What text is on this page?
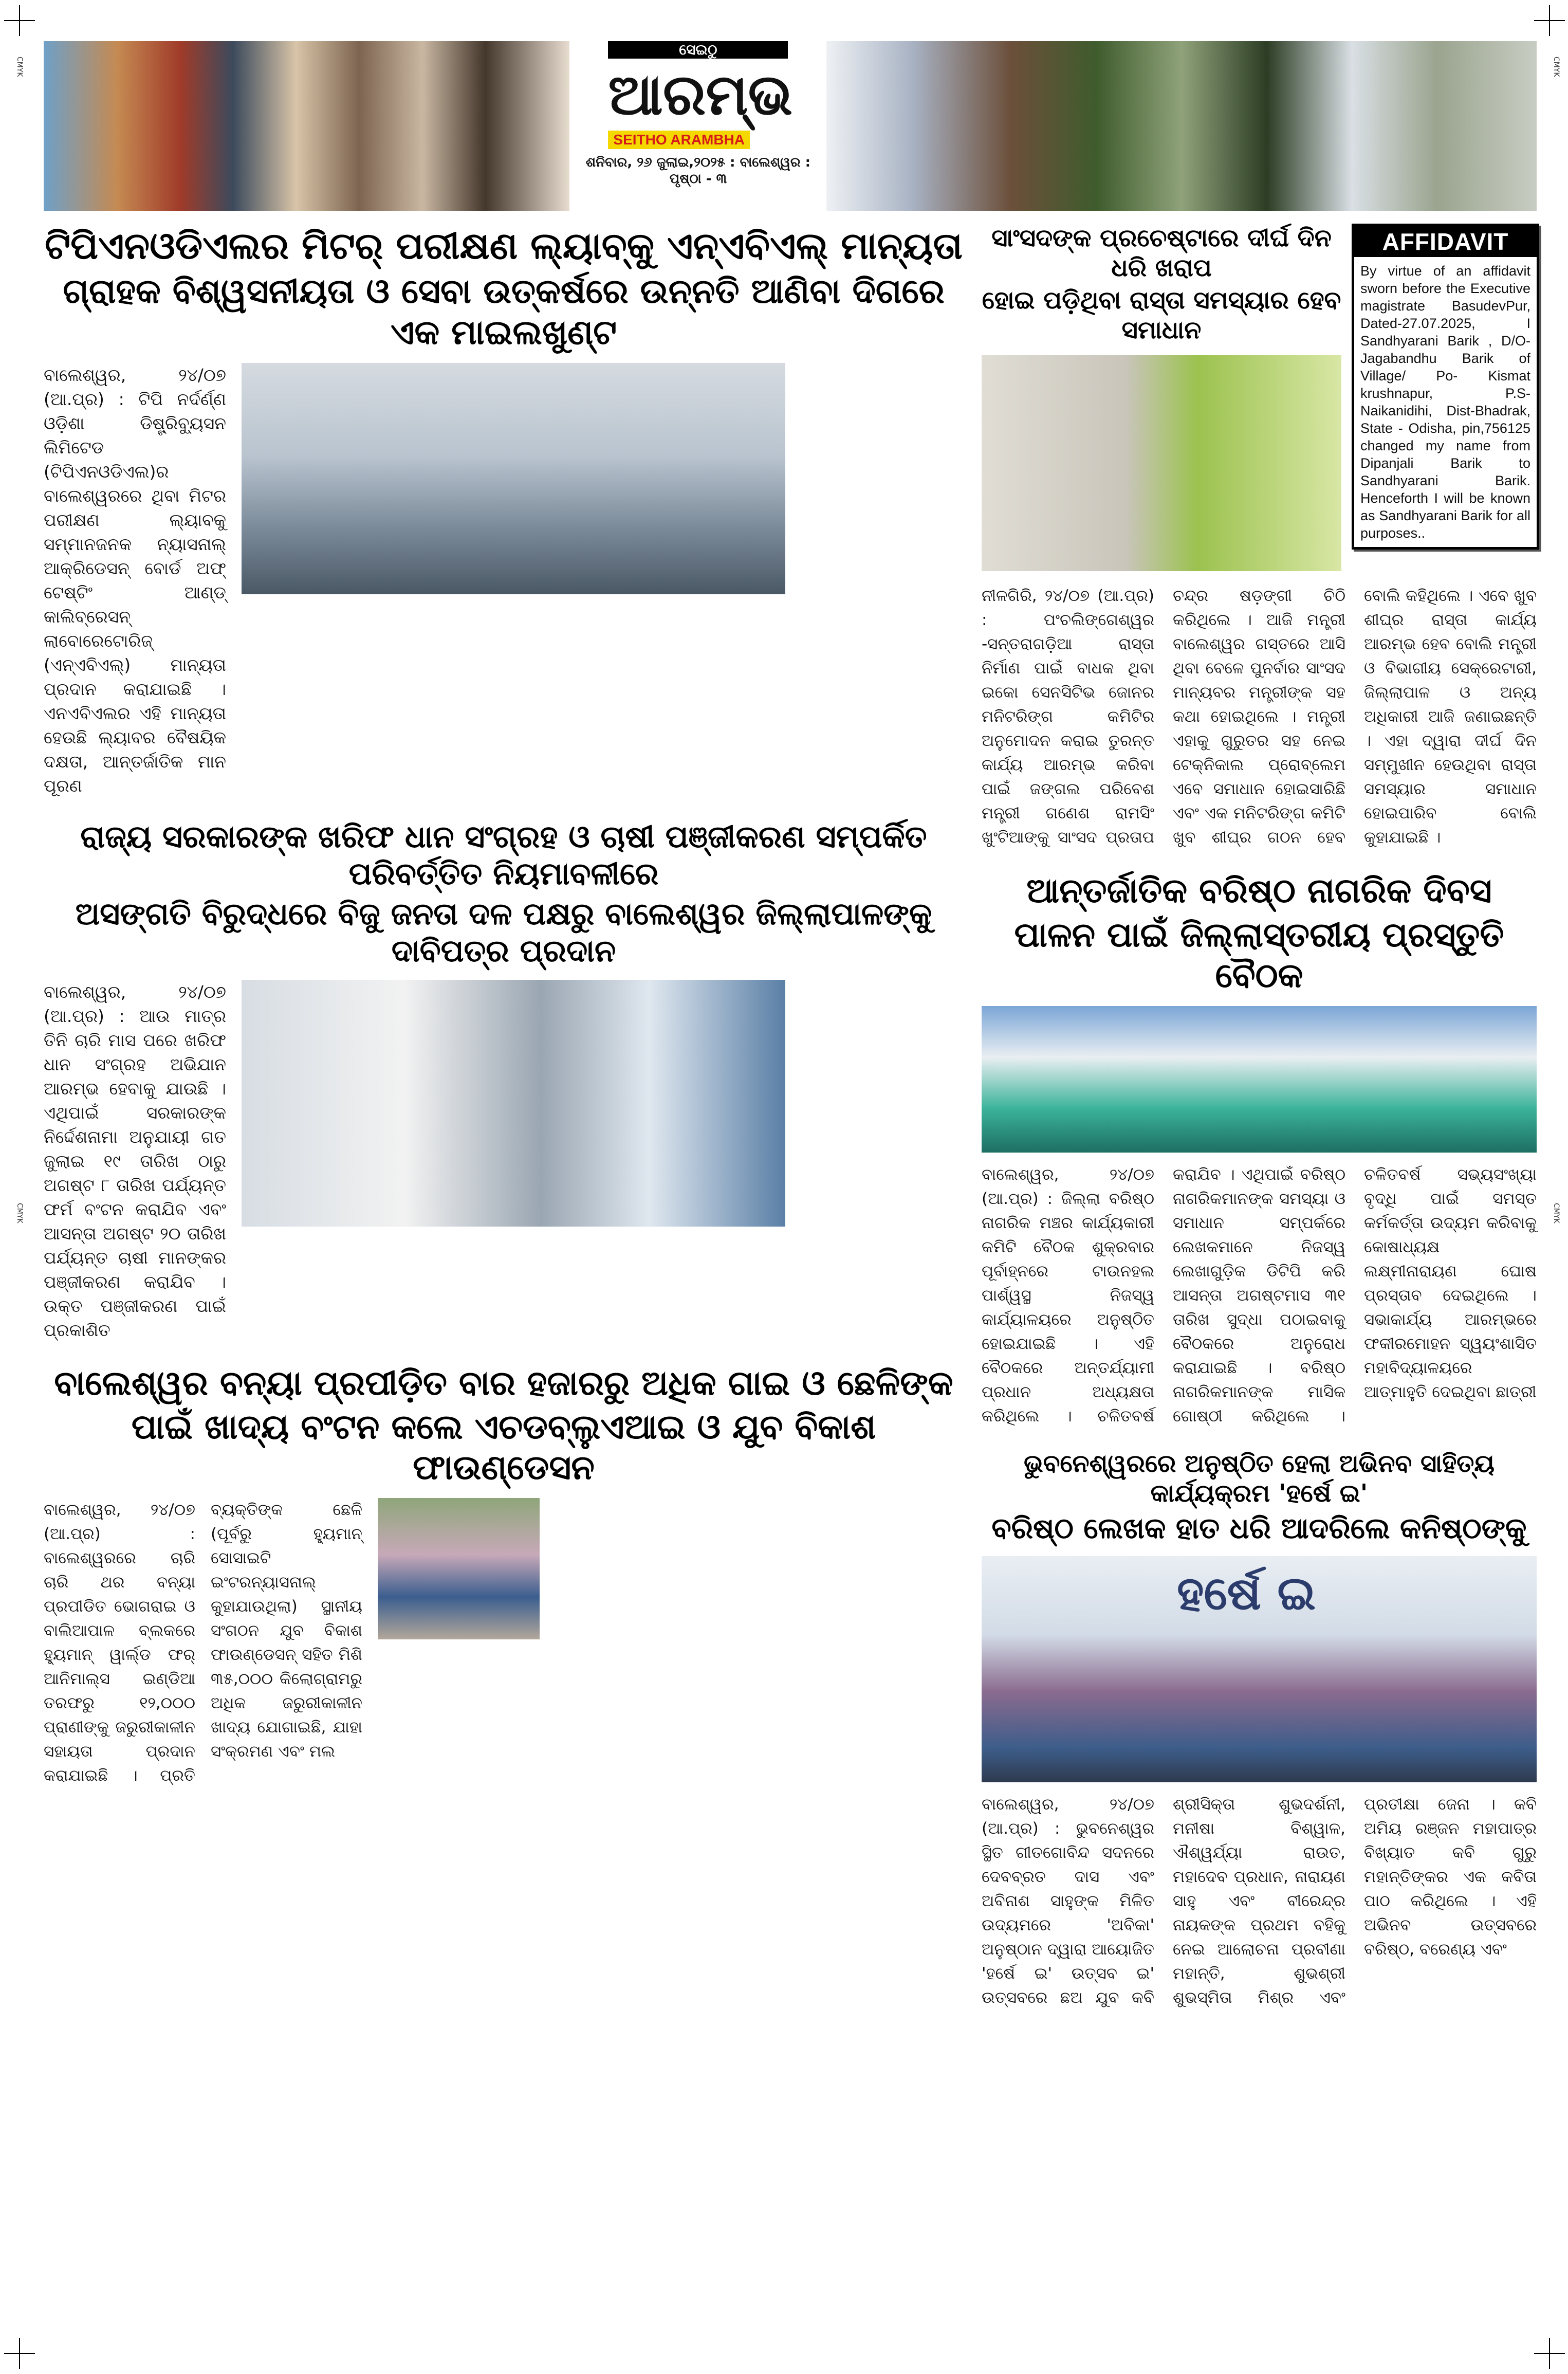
CMYK	CMYK
CMYK	CMYK
ସେଇଠୁ
ଆରମ୍ଭ
SEITHO ARAMBHA
ଶନିବାର, ୨୬ ଜୁଲାଇ,୨୦୨୫ : ବାଲେଶ୍ୱର : ପୃଷ୍ଠା - ୩
ଟିପିଏନଓଡିଏଲର ମିଟର୍ ପରୀକ୍ଷଣ ଲ୍ୟାବ୍‌କୁ ଏନ୍‌ଏବିଏଲ୍ ମାନ୍ୟତା
ଗ୍ରାହକ ବିଶ୍ୱସନୀୟତା ଓ ସେବା ଉତ୍କର୍ଷରେ ଉନ୍ନତି ଆଣିବା ଦିଗରେ ଏକ ମାଇଲଖୁଣ୍ଟ
ବାଲେଶ୍ୱର, ୨୪/୦୭ (ଆ.ପ୍ର) : ଟିପି ନର୍ଦର୍ଣ୍ଣ ଓଡ଼ିଶା ଡିଷ୍ଟ୍ରିବ୍ୟୁସନ ଲିମିଟେଡ (ଟିପିଏନଓଡିଏଲ)ର ବାଲେଶ୍ୱରରେ ଥିବା ମିଟର ପରୀକ୍ଷଣ ଲ୍ୟାବକୁ ସମ୍ମାନଜନକ ନ୍ୟାସନାଲ୍ ଆକ୍ରିଡେସନ୍ ବୋର୍ଡ ଅଫ୍ ଟେଷ୍ଟିଂ ଆଣ୍ଡ୍ କାଲିବ୍ରେସନ୍ ଲାବୋରେଟୋରିଜ୍ (ଏନ୍‌ଏବିଏଲ୍) ମାନ୍ୟତା ପ୍ରଦାନ କରାଯାଇଛି । ଏନଏବିଏଲର ଏହି ମାନ୍ୟତା ହେଉଛି ଲ୍ୟାବର ବୈଷୟିକ ଦକ୍ଷତା, ଆନ୍ତର୍ଜାତିକ ମାନ ପୂରଣ
ରାଜ୍ୟ ସରକାରଙ୍କ ଖରିଫ ଧାନ ସଂଗ୍ରହ ଓ ଚାଷୀ ପଞ୍ଜୀକରଣ ସମ୍ପର୍କିତ ପରିବର୍ତ୍ତିତ ନିୟମାବଳୀରେ
ଅସଙ୍ଗତି ବିରୁଦ୍ଧରେ ବିଜୁ ଜନତା ଦଳ ପକ୍ଷରୁ ବାଲେଶ୍ୱର ଜିଲ୍ଲାପାଳଙ୍କୁ ଦାବିପତ୍ର ପ୍ରଦାନ
ବାଲେଶ୍ୱର, ୨୪/୦୭ (ଆ.ପ୍ର) : ଆଉ ମାତ୍ର ତିନି ଚାରି ମାସ ପରେ ଖରିଫ ଧାନ ସଂଗ୍ରହ ଅଭିଯାନ ଆରମ୍ଭ ହେବାକୁ ଯାଉଛି । ଏଥିପାଇଁ ସରକାରଙ୍କ ନିର୍ଦ୍ଦେଶନାମା ଅନୁଯାୟୀ ଗତ ଜୁଲାଇ ୧୯ ତାରିଖ ଠାରୁ ଅଗଷ୍ଟ ୮ ତାରିଖ ପର୍ଯ୍ୟନ୍ତ ଫର୍ମ ବଂଟନ କରାଯିବ ଏବଂ ଆସନ୍ତା ଅଗଷ୍ଟ ୨୦ ତାରିଖ ପର୍ଯ୍ୟନ୍ତ ଚାଷୀ ମାନଙ୍କର ପଞ୍ଜୀକରଣ କରାଯିବ । ଉକ୍ତ ପଞ୍ଜୀକରଣ ପାଇଁ ପ୍ରକାଶିତ
ବାଲେଶ୍ୱର ବନ୍ୟା ପ୍ରପୀଡ଼ିତ ବାର ହଜାରରୁ ଅଧିକ ଗାଇ ଓ ଛେଳିଙ୍କ
ପାଇଁ ଖାଦ୍ୟ ବଂଟନ କଲେ ଏଚଡବ୍ଲୁଏଆଇ ଓ ଯୁବ ବିକାଶ ଫାଉଣ୍ଡେସନ
ବାଲେଶ୍ୱର, ୨୪/୦୭ (ଆ.ପ୍ର) : ବାଲେଶ୍ୱରରେ ଚାରି ଚାରି ଥର ବନ୍ୟା ପ୍ରପୀଡିତ ଭୋଗରାଇ ଓ ବାଲିଆପାଳ ବ୍ଲକରେ ହ୍ୟୁମାନ୍ ୱାର୍ଲ୍ଡ ଫର୍ ଆନିମାଲ୍ସ ଇଣ୍ଡିଆ ତରଫରୁ ୧୨,୦୦୦ ପ୍ରାଣୀଙ୍କୁ ଜରୁରୀକାଳୀନ ସହାୟତା ପ୍ରଦାନ କରାଯାଇଛି । ପ୍ରତି ବ୍ୟକ୍ତିଙ୍କ ଛେଳି (ପୂର୍ବରୁ ହ୍ୟୁମାନ୍ ସୋସାଇଟି ଇଂଟରନ୍ୟାସନାଲ୍ କୁହାଯାଉଥିଲା) ସ୍ଥାନୀୟ ସଂଗଠନ ଯୁବ ବିକାଶ ଫାଉଣ୍ଡେସନ୍ ସହିତ ମିଶି ୩୫,୦୦୦ କିଲୋଗ୍ରାମରୁ ଅଧିକ ଜରୁରୀକାଳୀନ ଖାଦ୍ୟ ଯୋଗାଇଛି, ଯାହା ସଂକ୍ରମଣ ଏବଂ ମଲ
ସାଂସଦଙ୍କ ପ୍ରଚେଷ୍ଟାରେ ଦୀର୍ଘ ଦିନ ଧରି ଖରାପ
ହୋଇ ପଡ଼ିଥିବା ରାସ୍ତା ସମସ୍ୟାର ହେବ ସମାଧାନ
AFFIDAVIT
By virtue of an affidavit sworn before the Executive magistrate BasudevPur, Dated-27.07.2025, I Sandhyarani Barik , D/O-Jagabandhu Barik of Village/ Po- Kismat krushnapur, P.S-Naikanidihi, Dist-Bhadrak, State - Odisha, pin,756125 changed my name from Dipanjali Barik to Sandhyarani Barik. Henceforth I will be known as Sandhyarani Barik for all purposes..
ନୀଳଗିରି, ୨୪/୦୭ (ଆ.ପ୍ର) : ପଂଚଲିଙ୍ଗେଶ୍ୱର -ସନ୍ତରାଗଡ଼ିଆ ରାସ୍ତା ନିର୍ମାଣ ପାଇଁ ବାଧକ ଥିବା ଇକୋ ସେନସିଟିଭ ଜୋନର ମନିଟରିଙ୍ଗ କମିଟିର ଅନୁମୋଦନ କରାଇ ତୁରନ୍ତ କାର୍ଯ୍ୟ ଆରମ୍ଭ କରିବା ପାଇଁ ଜଙ୍ଗଲ ପରିବେଶ ମନ୍ତ୍ରୀ ଗଣେଶ ରାମସିଂ ଖୁଂଟିଆଙ୍କୁ ସାଂସଦ ପ୍ରତାପ ଚନ୍ଦ୍ର ଷଡ଼ଙ୍ଗୀ ଚିଠି କରିଥିଲେ । ଆଜି ମନ୍ତ୍ରୀ ବାଲେଶ୍ୱର ଗସ୍ତରେ ଆସି ଥିବା ବେଳେ ପୁନର୍ବାର ସାଂସଦ ମାନ୍ୟବର ମନ୍ତ୍ରୀଙ୍କ ସହ କଥା ହୋଇଥିଲେ । ମନ୍ତ୍ରୀ ଏହାକୁ ଗୁରୁତର ସହ ନେଇ ଟେକ୍ନିକାଲ ପ୍ରୋବ୍ଲେମ ଏବେ ସମାଧାନ ହୋଇସାରିଛି ଏବଂ ଏକ ମନିଟରିଙ୍ଗ କମିଟି ଖୁବ ଶୀଘ୍ର ଗଠନ ହେବ ବୋଲି କହିଥିଲେ । ଏବେ ଖୁବ ଶୀଘ୍ର ରାସ୍ତା କାର୍ଯ୍ୟ ଆରମ୍ଭ ହେବ ବୋଲି ମନ୍ତ୍ରୀ ଓ ବିଭାଗୀୟ ସେକ୍ରେଟାରୀ, ଜିଲ୍ଲାପାଳ ଓ ଅନ୍ୟ ଅଧିକାରୀ ଆଜି ଜଣାଇଛନ୍ତି । ଏହା ଦ୍ୱାରା ଦୀର୍ଘ ଦିନ ସମ୍ମୁଖୀନ ହେଉଥିବା ରାସ୍ତା ସମସ୍ୟାର ସମାଧାନ ହୋଇପାରିବ ବୋଲି କୁହାଯାଇଛି ।
ଆନ୍ତର୍ଜାତିକ ବରିଷ୍ଠ ନାଗରିକ ଦିବସ
ପାଳନ ପାଇଁ ଜିଲ୍ଲାସ୍ତରୀୟ ପ୍ରସ୍ତୁତି ବୈଠକ
ବାଲେଶ୍ୱର, ୨୪/୦୭ (ଆ.ପ୍ର) : ଜିଲ୍ଲା ବରିଷ୍ଠ ନାଗରିକ ମଞ୍ଚର କାର୍ଯ୍ୟକାରୀ କମିଟି ବୈଠକ ଶୁକ୍ରବାର ପୂର୍ବାହ୍ନରେ ଟାଉନହଲ ପାର୍ଶ୍ୱସ୍ଥ ନିଜସ୍ୱ କାର୍ଯ୍ୟାଳୟରେ ଅନୁଷ୍ଠିତ ହୋଇଯାଇଛି । ଏହି ବୈଠକରେ ଅନ୍ତର୍ଯ୍ୟାମୀ ପ୍ରଧାନ ଅଧ୍ୟକ୍ଷତା କରିଥିଲେ । ଚଳିତବର୍ଷ କରାଯିବ । ଏଥିପାଇଁ ବରିଷ୍ଠ ନାଗରିକମାନଙ୍କ ସମସ୍ୟା ଓ ସମାଧାନ ସମ୍ପର୍କରେ ଲେଖକମାନେ ନିଜସ୍ୱ ଲେଖାଗୁଡ଼ିକ ଡିଟିପି କରି ଆସନ୍ତା ଅଗଷ୍ଟମାସ ୩୧ ତାରିଖ ସୁଦ୍ଧା ପଠାଇବାକୁ ବୈଠକରେ ଅନୁରୋଧ କରାଯାଇଛି । ବରିଷ୍ଠ ନାଗରିକମାନଙ୍କ ମାସିକ ଗୋଷ୍ଠୀ କରିଥିଲେ । ଚଳିତବର୍ଷ ସଭ୍ୟସଂଖ୍ୟା ବୃଦ୍ଧି ପାଇଁ ସମସ୍ତ କର୍ମକର୍ତ୍ତା ଉଦ୍ୟମ କରିବାକୁ କୋଷାଧ୍ୟକ୍ଷ ଲକ୍ଷ୍ମୀନାରାୟଣ ଘୋଷ ପ୍ରସ୍ତାବ ଦେଇଥିଲେ । ସଭାକାର୍ଯ୍ୟ ଆରମ୍ଭରେ ଫକୀରମୋହନ ସ୍ୱୟଂଶାସିତ ମହାବିଦ୍ୟାଳୟରେ ଆତ୍ମାହୁତି ଦେଇଥିବା ଛାତ୍ରୀ
ଭୁବନେଶ୍ୱରରେ ଅନୁଷ୍ଠିତ ହେଲା ଅଭିନବ ସାହିତ୍ୟ କାର୍ଯ୍ୟକ୍ରମ 'ହର୍ଷେ ଇ'
ବରିଷ୍ଠ ଲେଖକ ହାତ ଧରି ଆଦରିଲେ କନିଷ୍ଠଙ୍କୁ
ହର୍ଷେ ଇ
ବାଲେଶ୍ୱର, ୨୪/୦୭ (ଆ.ପ୍ର) : ଭୁବନେଶ୍ୱର ସ୍ଥିତ ଗୀତଗୋବିନ୍ଦ ସଦନରେ ଦେବବ୍ରତ ଦାସ ଏବଂ ଅବିନାଶ ସାହୁଙ୍କ ମିଳିତ ଉଦ୍ୟମରେ 'ଅବିକା' ଅନୁଷ୍ଠାନ ଦ୍ୱାରା ଆୟୋଜିତ 'ହର୍ଷେ ଇ' ଉତ୍ସବ ଇ' ଉତ୍ସବରେ ଛଅ ଯୁବ କବି ଶ୍ରୀସିକ୍ତା ଶୁଭଦର୍ଶନୀ, ମନୀଷା ବିଶ୍ୱାଳ, ଐଶ୍ୱର୍ଯ୍ୟା ରାଉତ, ମହାଦେବ ପ୍ରଧାନ, ନାରାୟଣ ସାହୁ ଏବଂ ବୀରେନ୍ଦ୍ର ନାୟକଙ୍କ ପ୍ରଥମ ବହିକୁ ନେଇ ଆଲୋଚନା ପ୍ରବୀଣା ମହାନ୍ତି, ଶୁଭଶ୍ରୀ ଶୁଭସ୍ମିତା ମିଶ୍ର ଏବଂ ପ୍ରତୀକ୍ଷା ଜେନା । କବି ଅମିୟ ରଞ୍ଜନ ମହାପାତ୍ର ବିଖ୍ୟାତ କବି ଗୁରୁ ମହାନ୍ତିଙ୍କର ଏକ କବିତା ପାଠ କରିଥିଲେ । ଏହି ଅଭିନବ ଉତ୍ସବରେ ବରିଷ୍ଠ, ବରେଣ୍ୟ ଏବଂ
